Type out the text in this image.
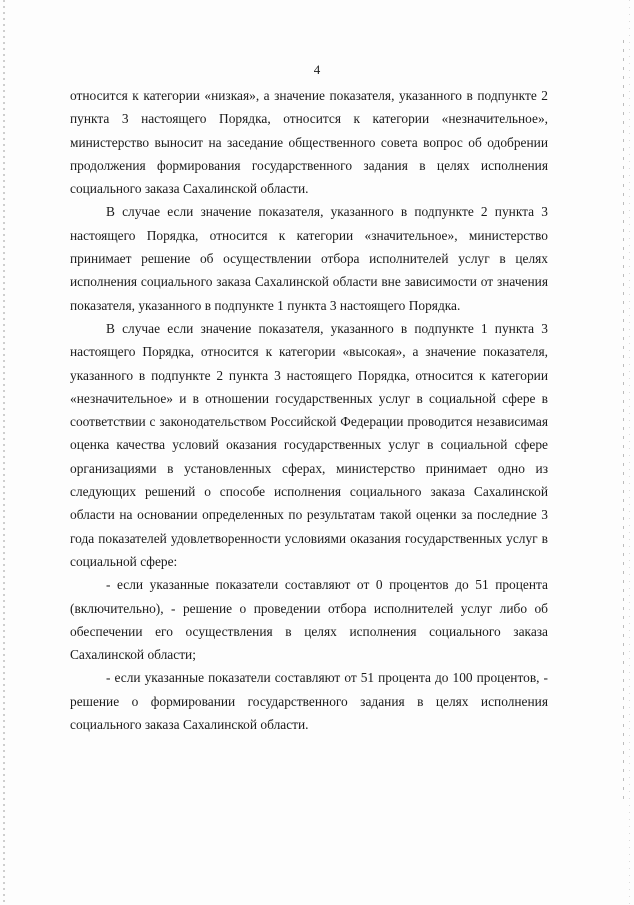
4

относится к категории «низкая», а значение показателя, указанного в подпункте 2 пункта 3 настоящего Порядка, относится к категории «незначительное», министерство выносит на заседание общественного совета вопрос об одобрении продолжения формирования государственного задания в целях исполнения социального заказа Сахалинской области.

В случае если значение показателя, указанного в подпункте 2 пункта 3 настоящего Порядка, относится к категории «значительное», министерство принимает решение об осуществлении отбора исполнителей услуг в целях исполнения социального заказа Сахалинской области вне зависимости от значения показателя, указанного в подпункте 1 пункта 3 настоящего Порядка.

В случае если значение показателя, указанного в подпункте 1 пункта 3 настоящего Порядка, относится к категории «высокая», а значение показателя, указанного в подпункте 2 пункта 3 настоящего Порядка, относится к категории «незначительное» и в отношении государственных услуг в социальной сфере в соответствии с законодательством Российской Федерации проводится независимая оценка качества условий оказания государственных услуг в социальной сфере организациями в установленных сферах, министерство принимает одно из следующих решений о способе исполнения социального заказа Сахалинской области на основании определенных по результатам такой оценки за последние 3 года показателей удовлетворенности условиями оказания государственных услуг в социальной сфере:

- если указанные показатели составляют от 0 процентов до 51 процента (включительно), - решение о проведении отбора исполнителей услуг либо об обеспечении его осуществления в целях исполнения социального заказа Сахалинской области;

- если указанные показатели составляют от 51 процента до 100 процентов, - решение о формировании государственного задания в целях исполнения социального заказа Сахалинской области.
